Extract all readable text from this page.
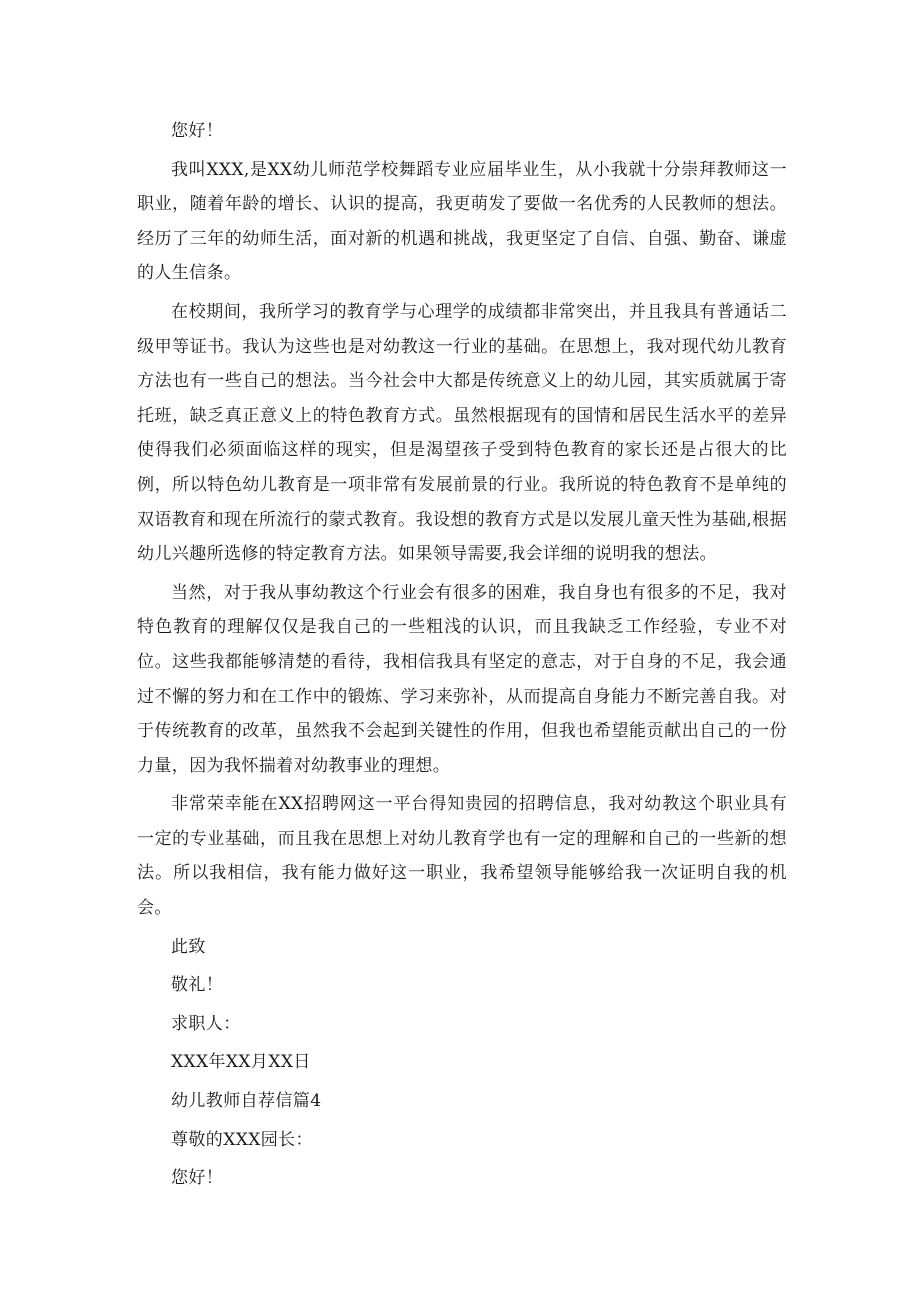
您好！
我叫XXX,是XX幼儿师范学校舞蹈专业应届毕业生，从小我就十分崇拜教师这一职业，随着年龄的增长、认识的提高，我更萌发了要做一名优秀的人民教师的想法。经历了三年的幼师生活，面对新的机遇和挑战，我更坚定了自信、自强、勤奋、谦虚的人生信条。
在校期间，我所学习的教育学与心理学的成绩都非常突出，并且我具有普通话二级甲等证书。我认为这些也是对幼教这一行业的基础。在思想上，我对现代幼儿教育方法也有一些自己的想法。当今社会中大都是传统意义上的幼儿园，其实质就属于寄托班，缺乏真正意义上的特色教育方式。虽然根据现有的国情和居民生活水平的差异使得我们必须面临这样的现实，但是渴望孩子受到特色教育的家长还是占很大的比例，所以特色幼儿教育是一项非常有发展前景的行业。我所说的特色教育不是单纯的双语教育和现在所流行的蒙式教育。我设想的教育方式是以发展儿童天性为基础,根据幼儿兴趣所选修的特定教育方法。如果领导需要,我会详细的说明我的想法。
当然，对于我从事幼教这个行业会有很多的困难，我自身也有很多的不足，我对特色教育的理解仅仅是我自己的一些粗浅的认识，而且我缺乏工作经验，专业不对位。这些我都能够清楚的看待，我相信我具有坚定的意志，对于自身的不足，我会通过不懈的努力和在工作中的锻炼、学习来弥补，从而提高自身能力不断完善自我。对于传统教育的改革，虽然我不会起到关键性的作用，但我也希望能贡献出自己的一份力量，因为我怀揣着对幼教事业的理想。
非常荣幸能在XX招聘网这一平台得知贵园的招聘信息，我对幼教这个职业具有一定的专业基础，而且我在思想上对幼儿教育学也有一定的理解和自己的一些新的想法。所以我相信，我有能力做好这一职业，我希望领导能够给我一次证明自我的机会。
此致
敬礼！
求职人：
XXX年XX月XX日
幼儿教师自荐信篇4
尊敬的XXX园长：
您好！
